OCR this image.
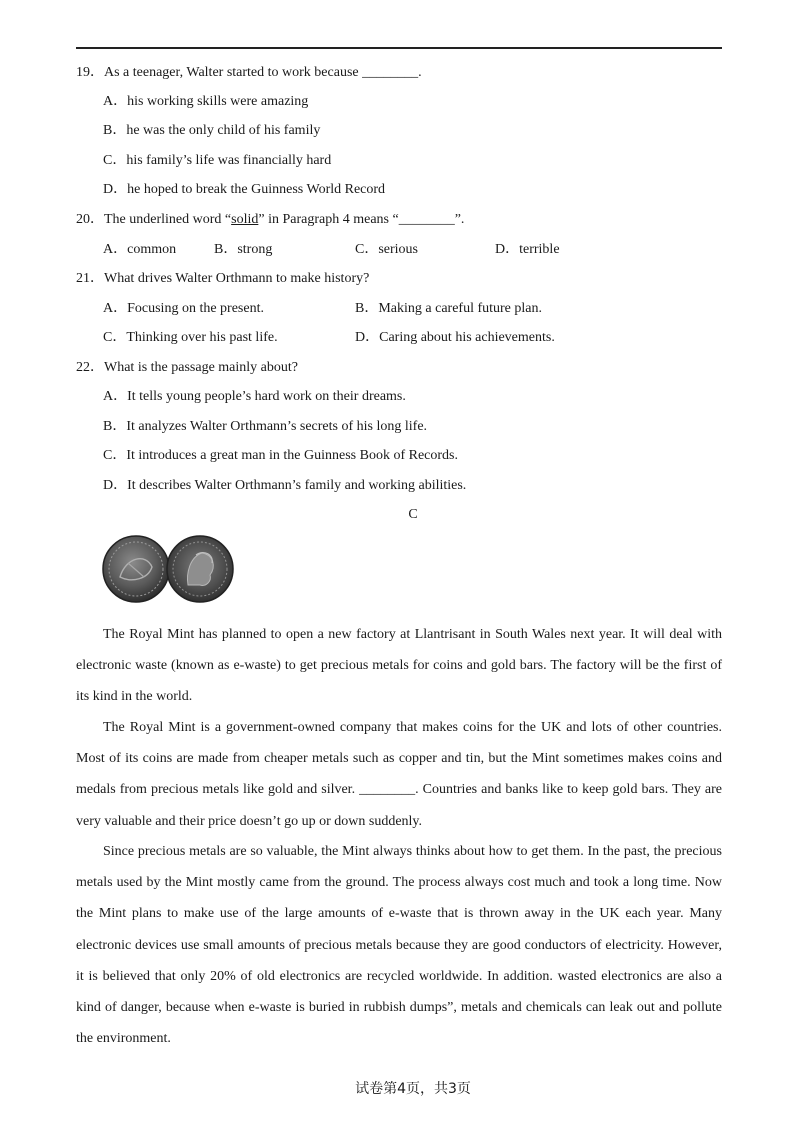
19．As a teenager, Walter started to work because ________.
A．his working skills were amazing
B．he was the only child of his family
C．his family’s life was financially hard
D．he hoped to break the Guinness World Record
20．The underlined word “solid” in Paragraph 4 means “________”.
A．common	B．strong	C．serious	D．terrible
21．What drives Walter Orthmann to make history?
A．Focusing on the present.	B．Making a careful future plan.
C．Thinking over his past life.	D．Caring about his achievements.
22．What is the passage mainly about?
A．It tells young people’s hard work on their dreams.
B．It analyzes Walter Orthmann’s secrets of his long life.
C．It introduces a great man in the Guinness Book of Records.
D．It describes Walter Orthmann’s family and working abilities.
C
The Royal Mint has planned to open a new factory at Llantrisant in South Wales next year. It will deal with
electronic waste (known as e-waste) to get precious metals for coins and gold bars. The factory will be the first of
its kind in the world.
The Royal Mint is a government-owned company that makes coins for the UK and lots of other countries.
Most of its coins are made from cheaper metals such as copper and tin, but the Mint sometimes makes coins and
medals from precious metals like gold and silver. ________. Countries and banks like to keep gold bars. They are
very valuable and their price doesn’t go up or down suddenly.
Since precious metals are so valuable, the Mint always thinks about how to get them. In the past, the precious
metals used by the Mint mostly came from the ground. The process always cost much and took a long time. Now
the Mint plans to make use of the large amounts of e-waste that is thrown away in the UK each year. Many
electronic devices use small amounts of precious metals because they are good conductors of electricity. However,
it is believed that only 20% of old electronics are recycled worldwide. In addition. wasted electronics are also a
kind of danger, because when e-waste is buried in rubbish dumps”, metals and chemicals can leak out and pollute
the environment.
试卷第4页，共3页
